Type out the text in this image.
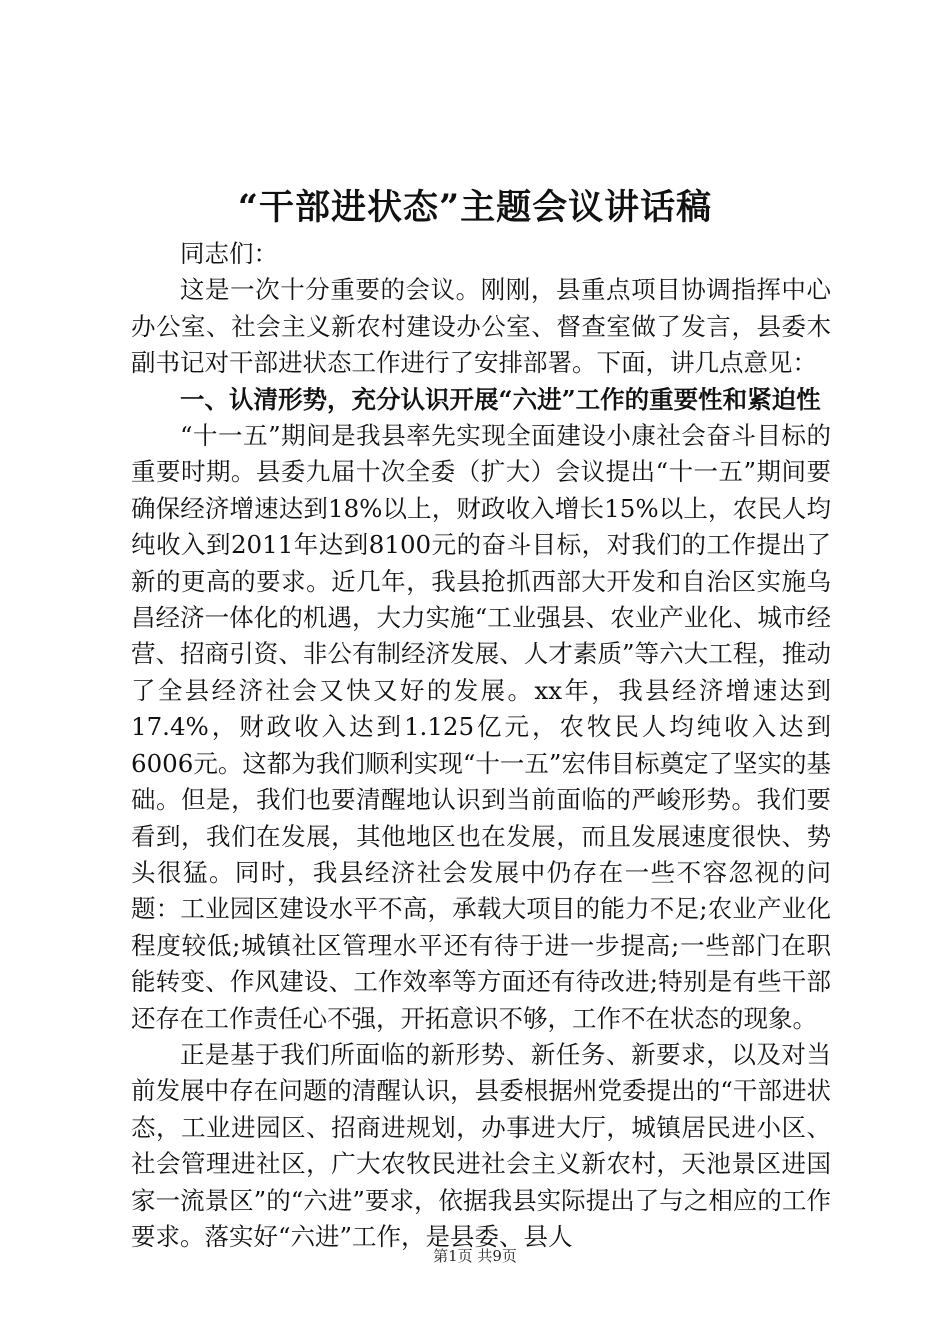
“干部进状态”主题会议讲话稿

同志们：

这是一次十分重要的会议。刚刚，县重点项目协调指挥中心办公室、社会主义新农村建设办公室、督查室做了发言，县委木副书记对干部进状态工作进行了安排部署。下面，讲几点意见：

一、认清形势，充分认识开展“六进”工作的重要性和紧迫性

“十一五”期间是我县率先实现全面建设小康社会奋斗目标的重要时期。县委九届十次全委（扩大）会议提出“十一五”期间要确保经济增速达到18%以上，财政收入增长15%以上，农民人均纯收入到2011年达到8100元的奋斗目标，对我们的工作提出了新的更高的要求。近几年，我县抢抓西部大开发和自治区实施乌昌经济一体化的机遇，大力实施“工业强县、农业产业化、城市经营、招商引资、非公有制经济发展、人才素质”等六大工程，推动了全县经济社会又快又好的发展。xx年，我县经济增速达到17.4%，财政收入达到1.125亿元，农牧民人均纯收入达到6006元。这都为我们顺利实现“十一五”宏伟目标奠定了坚实的基础。但是，我们也要清醒地认识到当前面临的严峻形势。我们要看到，我们在发展，其他地区也在发展，而且发展速度很快、势头很猛。同时，我县经济社会发展中仍存在一些不容忽视的问题：工业园区建设水平不高，承载大项目的能力不足;农业产业化程度较低;城镇社区管理水平还有待于进一步提高;一些部门在职能转变、作风建设、工作效率等方面还有待改进;特别是有些干部还存在工作责任心不强，开拓意识不够，工作不在状态的现象。

正是基于我们所面临的新形势、新任务、新要求，以及对当前发展中存在问题的清醒认识，县委根据州党委提出的“干部进状态，工业进园区、招商进规划，办事进大厅，城镇居民进小区、社会管理进社区，广大农牧民进社会主义新农村，天池景区进国家一流景区”的“六进”要求，依据我县实际提出了与之相应的工作要求。落实好“六进”工作，是县委、县人

第1页 共9页
